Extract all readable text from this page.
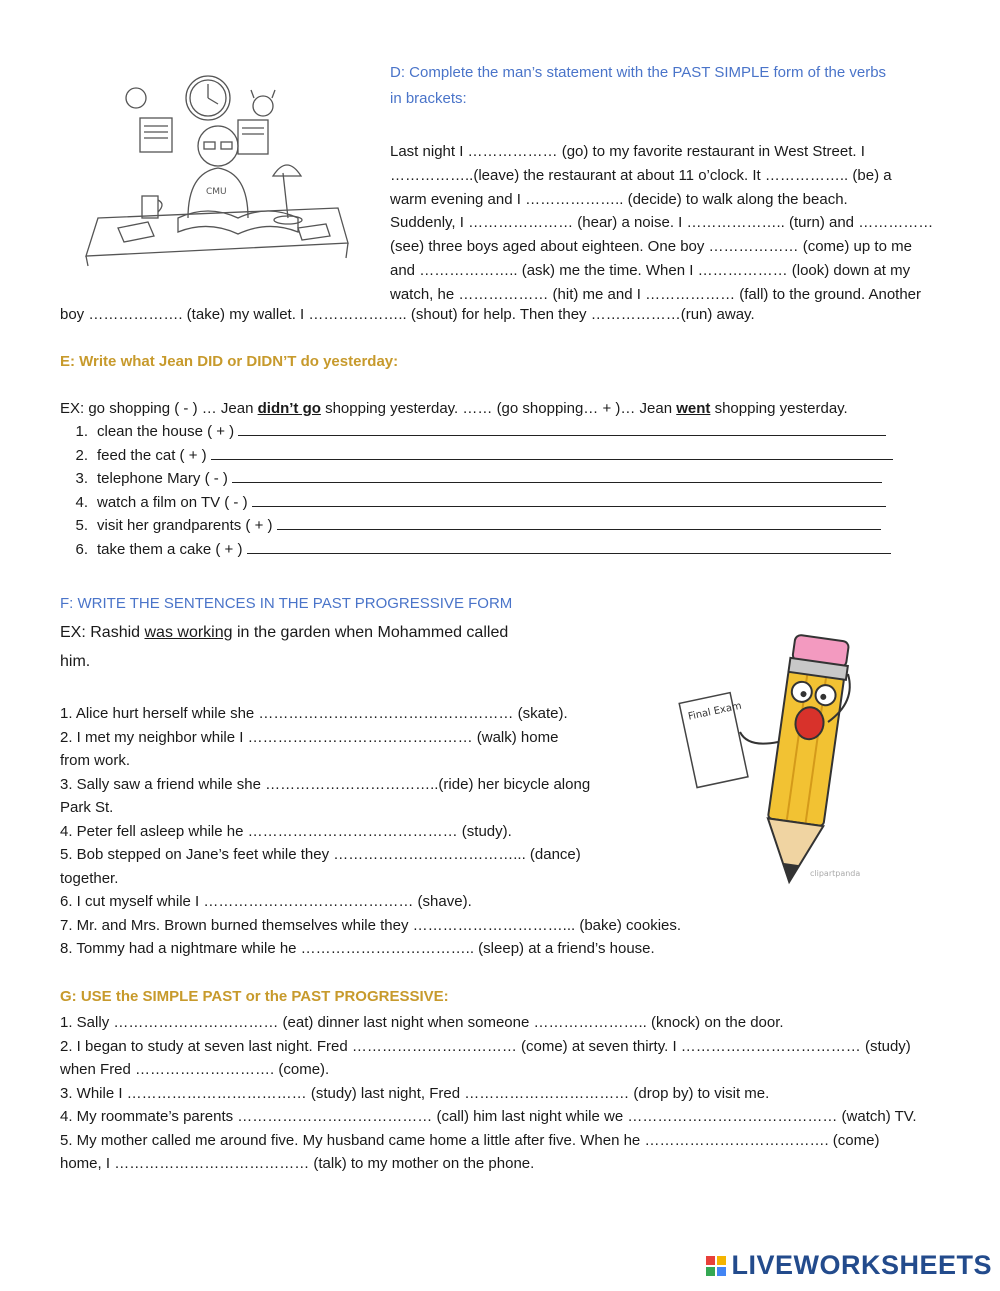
CMU
D: Complete the man’s statement with the PAST SIMPLE form of the verbs
in brackets:
Last night I ……………… (go) to my favorite restaurant in West Street. I
……………..(leave) the restaurant at about 11 o’clock. It …………….. (be) a
warm evening and I ……………….. (decide) to walk along the beach.
Suddenly, I ………………… (hear) a noise. I ……………….. (turn) and ……………
(see) three boys aged about eighteen. One boy ……………… (come) up to me
and ……………….. (ask) me the time. When I ……………… (look) down at my
watch, he ……………… (hit) me and I ……………… (fall) to the ground. Another
boy ………………. (take) my wallet. I ……………….. (shout) for help. Then they ………………(run) away.
E: Write what Jean DID or DIDN’T do yesterday:
EX: go shopping ( - ) … Jean didn’t go shopping yesterday. …… (go shopping… + )… Jean went shopping yesterday.
1. clean the house ( + )
2. feed the cat ( + )
3. telephone Mary ( - )
4. watch a film on TV ( - )
5. visit her grandparents ( + )
6. take them a cake ( + )
F: WRITE THE SENTENCES IN THE PAST PROGRESSIVE FORM
EX: Rashid was working in the garden when Mohammed called
him.
1. Alice hurt herself while she …………………………………………… (skate).
2. I met my neighbor while I ……………………………………… (walk) home
from work.
3. Sally saw a friend while she ……………………………..(ride) her bicycle along
Park St.
4. Peter fell asleep while he …………………………………… (study).
5. Bob stepped on Jane’s feet while they ………………………………... (dance)
together.
6. I cut myself while I …………………………………… (shave).
7. Mr. and Mrs. Brown burned themselves while they …………………………... (bake) cookies.
8. Tommy had a nightmare while he …………………………….. (sleep) at a friend’s house.
Final Exam
clipartpanda
G: USE the SIMPLE PAST or the PAST PROGRESSIVE:
1. Sally …………………………… (eat) dinner last night when someone ………………….. (knock) on the door.
2. I began to study at seven last night. Fred …………………………… (come) at seven thirty. I ……………………………… (study)
when Fred ………………………. (come).
3. While I ……………………………… (study) last night, Fred …………………………… (drop by) to visit me.
4. My roommate’s parents ………………………………… (call) him last night while we …………………………………… (watch) TV.
5. My mother called me around five. My husband came home a little after five. When he ………………………………. (come)
home, I ………………………………… (talk) to my mother on the phone.
LIVEWORKSHEETS
